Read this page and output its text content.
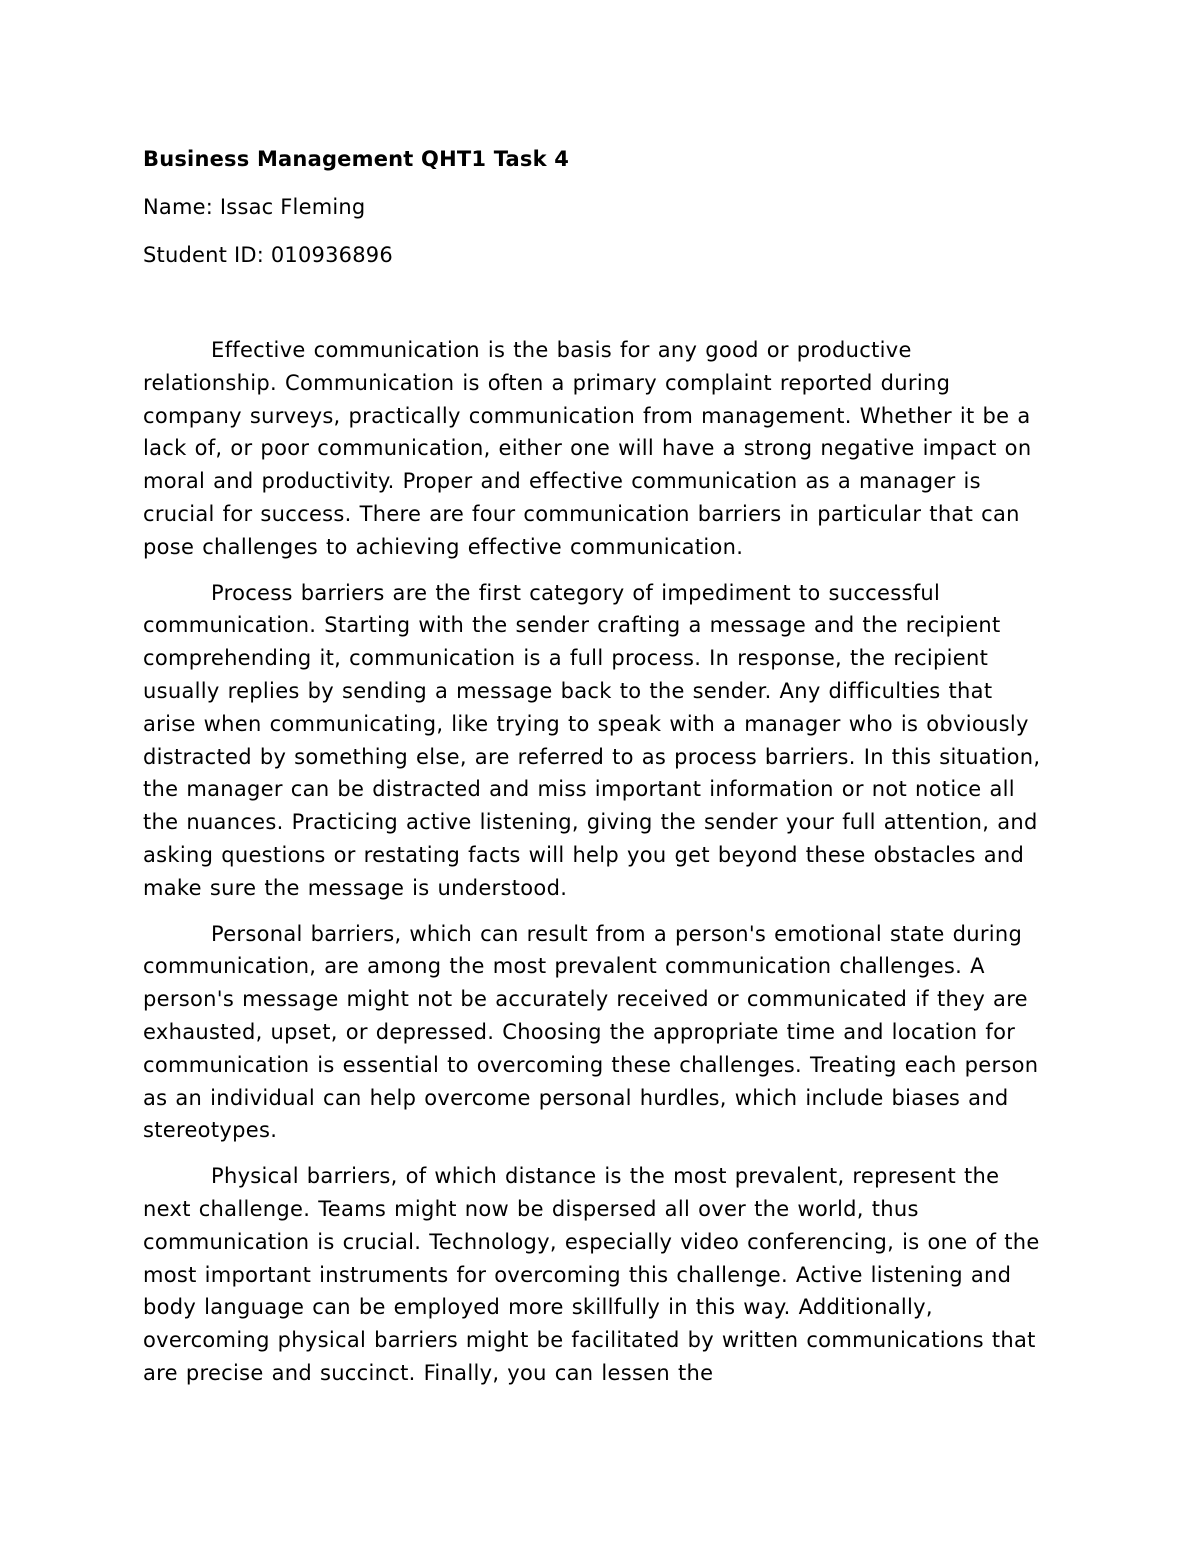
Business Management QHT1 Task 4

Name: Issac Fleming

Student ID: 010936896

Effective communication is the basis for any good or productive relationship. Communication is often a primary complaint reported during company surveys, practically communication from management. Whether it be a lack of, or poor communication, either one will have a strong negative impact on moral and productivity. Proper and effective communication as a manager is crucial for success. There are four communication barriers in particular that can pose challenges to achieving effective communication.

Process barriers are the first category of impediment to successful communication. Starting with the sender crafting a message and the recipient comprehending it, communication is a full process. In response, the recipient usually replies by sending a message back to the sender. Any difficulties that arise when communicating, like trying to speak with a manager who is obviously distracted by something else, are referred to as process barriers. In this situation, the manager can be distracted and miss important information or not notice all the nuances. Practicing active listening, giving the sender your full attention, and asking questions or restating facts will help you get beyond these obstacles and make sure the message is understood.

Personal barriers, which can result from a person's emotional state during communication, are among the most prevalent communication challenges. A person's message might not be accurately received or communicated if they are exhausted, upset, or depressed. Choosing the appropriate time and location for communication is essential to overcoming these challenges. Treating each person as an individual can help overcome personal hurdles, which include biases and stereotypes.

Physical barriers, of which distance is the most prevalent, represent the next challenge. Teams might now be dispersed all over the world, thus communication is crucial. Technology, especially video conferencing, is one of the most important instruments for overcoming this challenge. Active listening and body language can be employed more skillfully in this way. Additionally, overcoming physical barriers might be facilitated by written communications that are precise and succinct. Finally, you can lessen the
